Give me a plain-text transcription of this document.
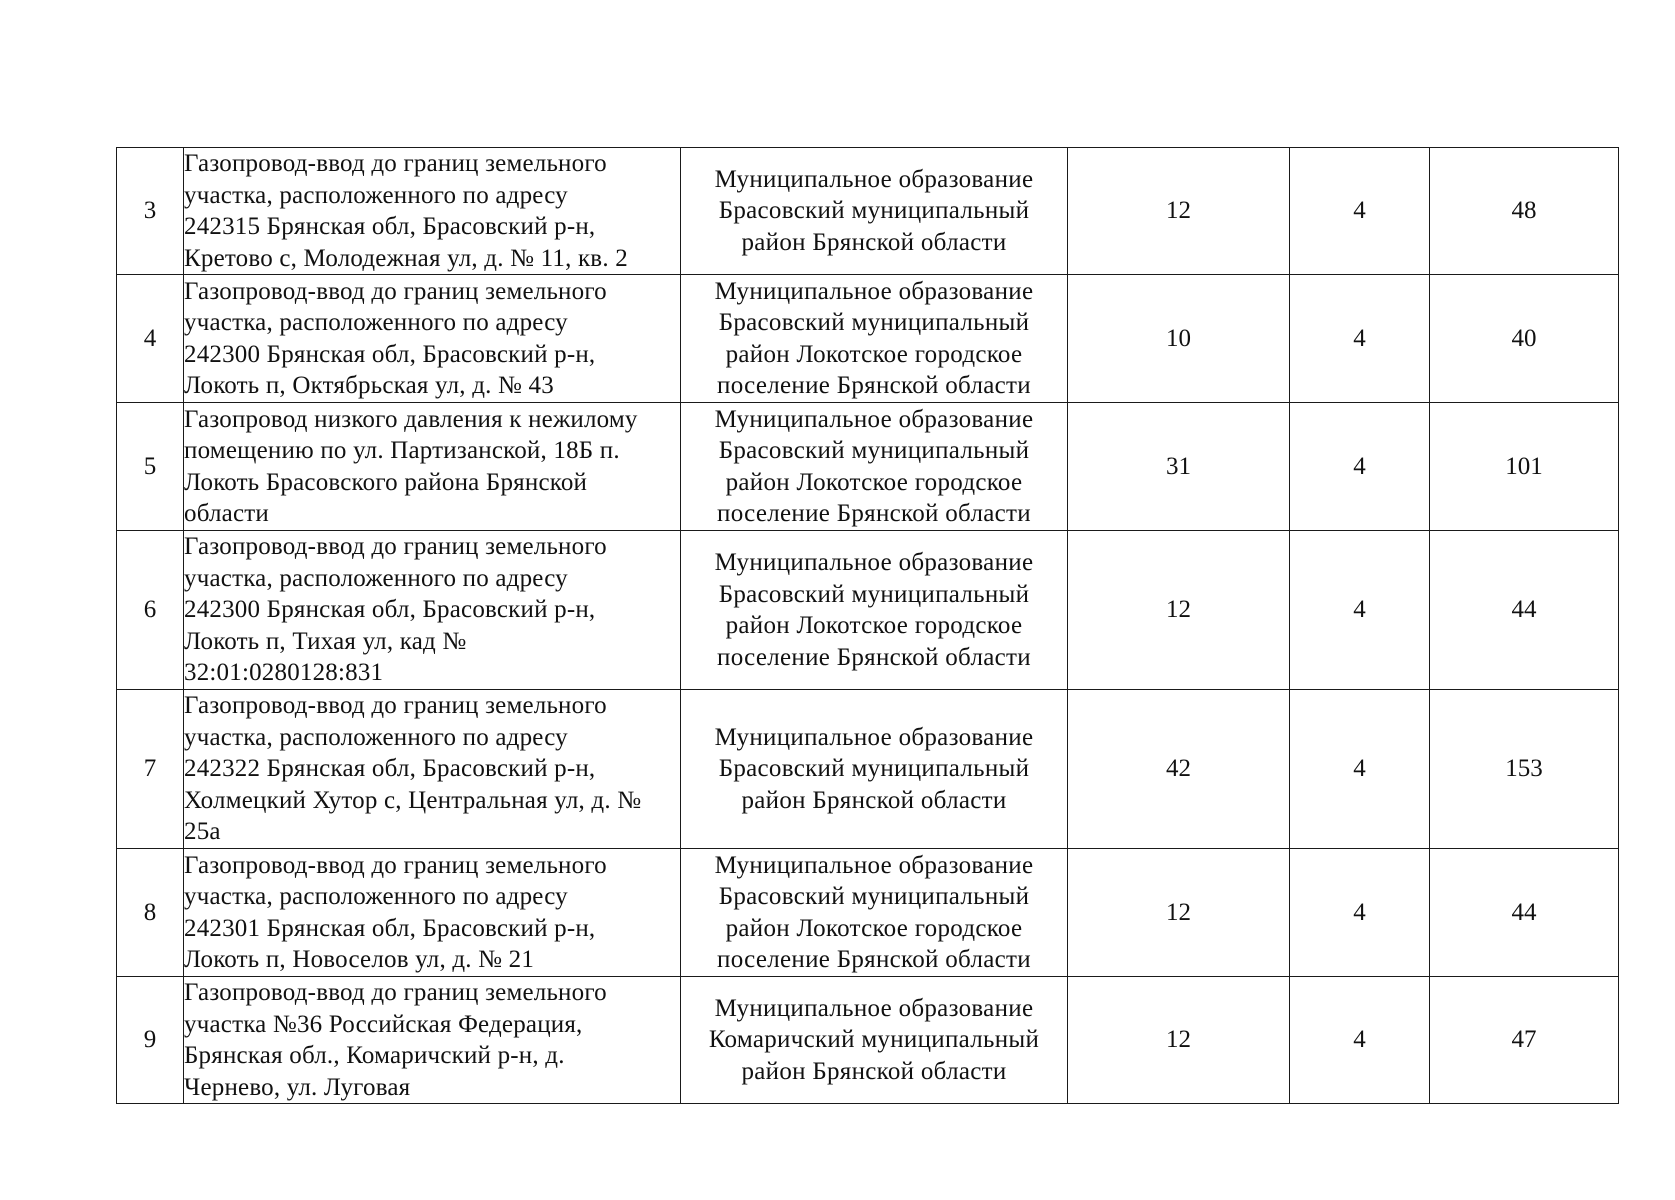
3	Газопровод-ввод до границ земельного
участка, расположенного по адресу
242315 Брянская обл, Брасовский р-н,
Кретово с, Молодежная ул, д. № 11, кв. 2	Муниципальное образование
Брасовский муниципальный
район Брянской области	12	4	48
4	Газопровод-ввод до границ земельного
участка, расположенного по адресу
242300 Брянская обл, Брасовский р-н,
Локоть п, Октябрьская ул, д. № 43	Муниципальное образование
Брасовский муниципальный
район Локотское городское
поселение Брянской области	10	4	40
5	Газопровод низкого давления к нежилому
помещению по ул. Партизанской, 18Б п.
Локоть Брасовского района Брянской
области	Муниципальное образование
Брасовский муниципальный
район Локотское городское
поселение Брянской области	31	4	101
6	Газопровод-ввод до границ земельного
участка, расположенного по адресу
242300 Брянская обл, Брасовский р-н,
Локоть п, Тихая ул, кад №
32:01:0280128:831	Муниципальное образование
Брасовский муниципальный
район Локотское городское
поселение Брянской области	12	4	44
7	Газопровод-ввод до границ земельного
участка, расположенного по адресу
242322 Брянская обл, Брасовский р-н,
Холмецкий Хутор с, Центральная ул, д. №
25а	Муниципальное образование
Брасовский муниципальный
район Брянской области	42	4	153
8	Газопровод-ввод до границ земельного
участка, расположенного по адресу
242301 Брянская обл, Брасовский р-н,
Локоть п, Новоселов ул, д. № 21	Муниципальное образование
Брасовский муниципальный
район Локотское городское
поселение Брянской области	12	4	44
9	Газопровод-ввод до границ земельного
участка №36 Российская Федерация,
Брянская обл., Комаричский р-н, д.
Чернево, ул. Луговая	Муниципальное образование
Комаричский муниципальный
район Брянской области	12	4	47
